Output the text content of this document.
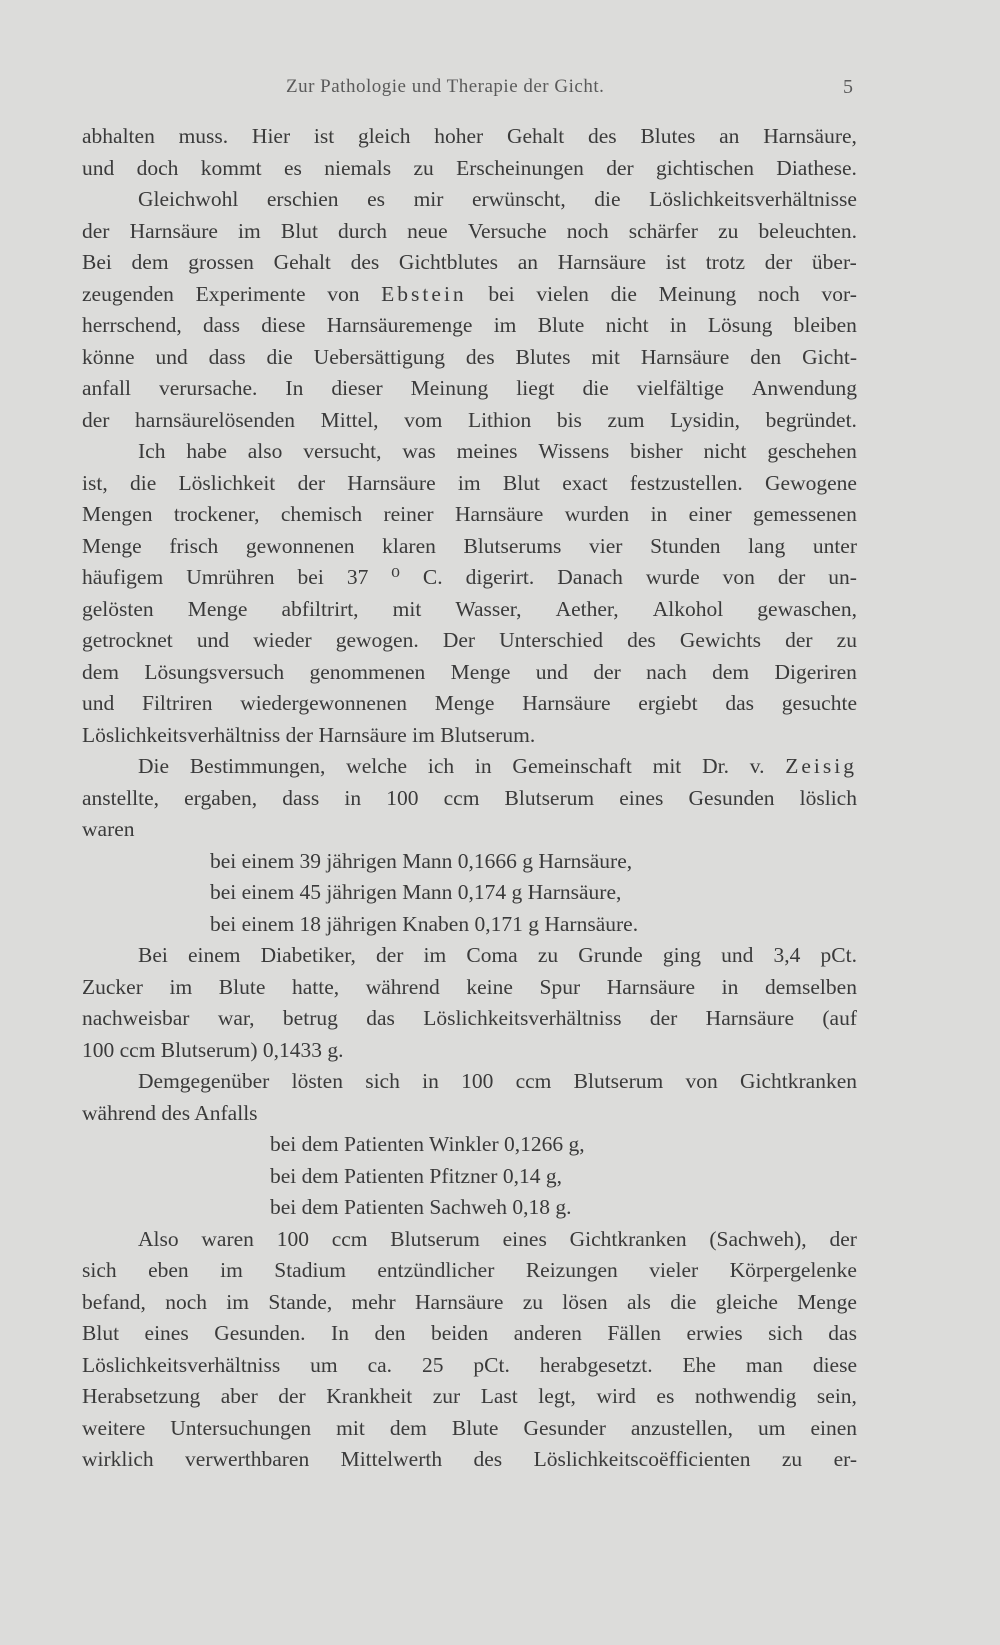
Zur Pathologie und Therapie der Gicht.	5
abhalten muss. Hier ist gleich hoher Gehalt des Blutes an Harnsäure,
und doch kommt es niemals zu Erscheinungen der gichtischen Diathese.
Gleichwohl erschien es mir erwünscht, die Löslichkeitsverhältnisse
der Harnsäure im Blut durch neue Versuche noch schärfer zu beleuchten.
Bei dem grossen Gehalt des Gichtblutes an Harnsäure ist trotz der über-
zeugenden Experimente von Ebstein bei vielen die Meinung noch vor-
herrschend, dass diese Harnsäuremenge im Blute nicht in Lösung bleiben
könne und dass die Uebersättigung des Blutes mit Harnsäure den Gicht-
anfall verursache. In dieser Meinung liegt die vielfältige Anwendung
der harnsäurelösenden Mittel, vom Lithion bis zum Lysidin, begründet.
Ich habe also versucht, was meines Wissens bisher nicht geschehen
ist, die Löslichkeit der Harnsäure im Blut exact festzustellen. Gewogene
Mengen trockener, chemisch reiner Harnsäure wurden in einer gemessenen
Menge frisch gewonnenen klaren Blutserums vier Stunden lang unter
häufigem Umrühren bei 37 ⁰ C. digerirt. Danach wurde von der un-
gelösten Menge abfiltrirt, mit Wasser, Aether, Alkohol gewaschen,
getrocknet und wieder gewogen. Der Unterschied des Gewichts der zu
dem Lösungsversuch genommenen Menge und der nach dem Digeriren
und Filtriren wiedergewonnenen Menge Harnsäure ergiebt das gesuchte
Löslichkeitsverhältniss der Harnsäure im Blutserum.
Die Bestimmungen, welche ich in Gemeinschaft mit Dr. v. Zeisig
anstellte, ergaben, dass in 100 ccm Blutserum eines Gesunden löslich
waren
bei einem 39 jährigen Mann 0,1666 g Harnsäure,
bei einem 45 jährigen Mann 0,174 g Harnsäure,
bei einem 18 jährigen Knaben 0,171 g Harnsäure.
Bei einem Diabetiker, der im Coma zu Grunde ging und 3,4 pCt.
Zucker im Blute hatte, während keine Spur Harnsäure in demselben
nachweisbar war, betrug das Löslichkeitsverhältniss der Harnsäure (auf
100 ccm Blutserum) 0,1433 g.
Demgegenüber lösten sich in 100 ccm Blutserum von Gichtkranken
während des Anfalls
bei dem Patienten Winkler 0,1266 g,
bei dem Patienten Pfitzner 0,14 g,
bei dem Patienten Sachweh 0,18 g.
Also waren 100 ccm Blutserum eines Gichtkranken (Sachweh), der
sich eben im Stadium entzündlicher Reizungen vieler Körpergelenke
befand, noch im Stande, mehr Harnsäure zu lösen als die gleiche Menge
Blut eines Gesunden. In den beiden anderen Fällen erwies sich das
Löslichkeitsverhältniss um ca. 25 pCt. herabgesetzt. Ehe man diese
Herabsetzung aber der Krankheit zur Last legt, wird es nothwendig sein,
weitere Untersuchungen mit dem Blute Gesunder anzustellen, um einen
wirklich verwerthbaren Mittelwerth des Löslichkeitscoëfficienten zu er-
